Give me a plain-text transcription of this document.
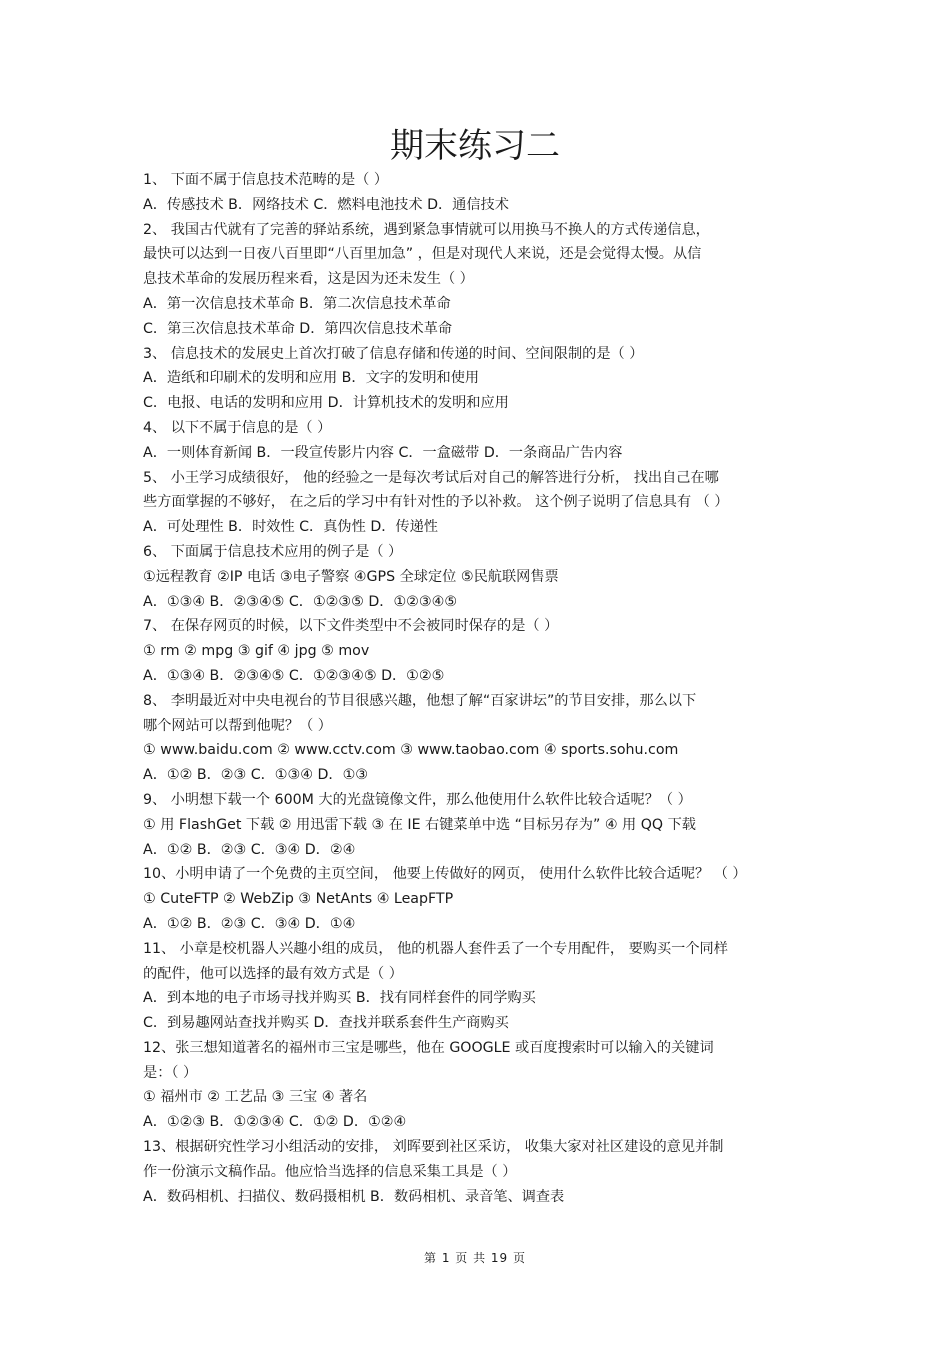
期末练习二
1、 下面不属于信息技术范畴的是（ ）
A．传感技术 B．网络技术 C．燃料电池技术 D．通信技术
2、 我国古代就有了完善的驿站系统，遇到紧急事情就可以用换马不换人的方式传递信息，
最快可以达到一日夜八百里即“八百里加急” ，但是对现代人来说，还是会觉得太慢。从信
息技术革命的发展历程来看，这是因为还未发生（ ）
A．第一次信息技术革命 B．第二次信息技术革命
C．第三次信息技术革命 D．第四次信息技术革命
3、 信息技术的发展史上首次打破了信息存储和传递的时间、空间限制的是（ ）
A．造纸和印刷术的发明和应用 B．文字的发明和使用
C．电报、电话的发明和应用 D．计算机技术的发明和应用
4、 以下不属于信息的是（ ）
A．一则体育新闻 B．一段宣传影片内容 C．一盒磁带 D．一条商品广告内容
5、 小王学习成绩很好， 他的经验之一是每次考试后对自己的解答进行分析， 找出自己在哪
些方面掌握的不够好， 在之后的学习中有针对性的予以补救。 这个例子说明了信息具有 （ ）
A．可处理性 B．时效性 C．真伪性 D．传递性
6、 下面属于信息技术应用的例子是（ ）
①远程教育 ②IP 电话 ③电子警察 ④GPS 全球定位 ⑤民航联网售票
A．①③④ B．②③④⑤ C．①②③⑤ D．①②③④⑤
7、 在保存网页的时候，以下文件类型中不会被同时保存的是（ ）
① rm ② mpg ③ gif ④ jpg ⑤ mov
A．①③④ B．②③④⑤ C．①②③④⑤ D．①②⑤
8、 李明最近对中央电视台的节目很感兴趣，他想了解“百家讲坛”的节目安排，那么以下
哪个网站可以帮到他呢？（ ）
① www.baidu.com ② www.cctv.com ③ www.taobao.com ④ sports.sohu.com
A．①② B．②③ C．①③④ D．①③
9、 小明想下载一个 600M 大的光盘镜像文件，那么他使用什么软件比较合适呢？（ ）
① 用 FlashGet 下载 ② 用迅雷下载 ③ 在 IE 右键菜单中选 “目标另存为” ④ 用 QQ 下载
A．①② B．②③ C．③④ D．②④
10、小明申请了一个免费的主页空间， 他要上传做好的网页， 使用什么软件比较合适呢？ （ ）
① CuteFTP ② WebZip ③ NetAnts ④ LeapFTP
A．①② B．②③ C．③④ D．①④
11、 小章是校机器人兴趣小组的成员， 他的机器人套件丢了一个专用配件， 要购买一个同样
的配件，他可以选择的最有效方式是（ ）
A．到本地的电子市场寻找并购买 B．找有同样套件的同学购买
C．到易趣网站查找并购买 D．查找并联系套件生产商购买
12、张三想知道著名的福州市三宝是哪些，他在 GOOGLE 或百度搜索时可以输入的关键词
是：（ ）
① 福州市 ② 工艺品 ③ 三宝 ④ 著名
A．①②③ B．①②③④ C．①② D．①②④
13、根据研究性学习小组活动的安排， 刘晖要到社区采访， 收集大家对社区建设的意见并制
作一份演示文稿作品。他应恰当选择的信息采集工具是（ ）
A．数码相机、扫描仪、数码摄相机 B．数码相机、录音笔、调查表
第 1 页 共 19 页
